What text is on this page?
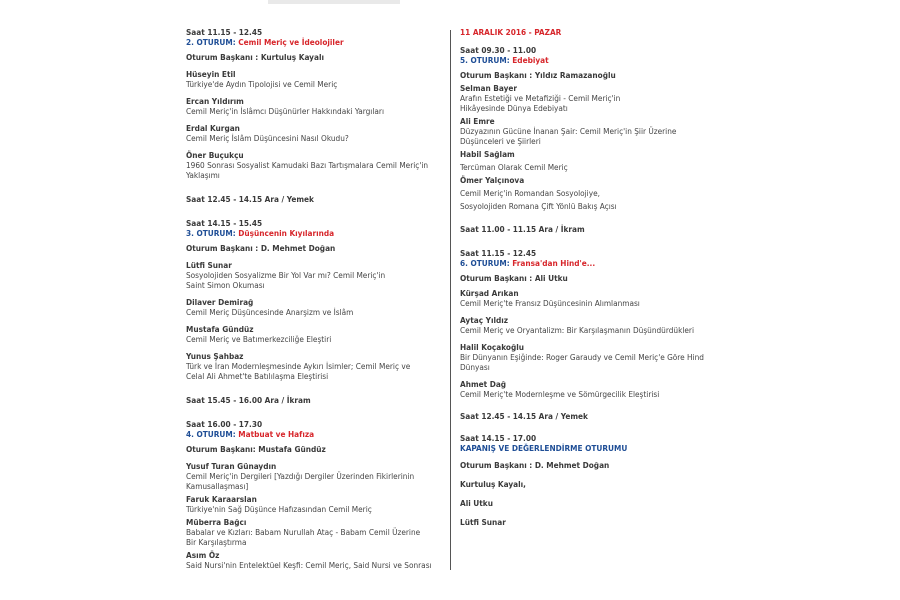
Saat 11.15 - 12.45
2. OTURUM: Cemil Meriç ve İdeolojiler
Oturum Başkanı : Kurtuluş Kayalı
Hüseyin Etil
Türkiye'de Aydın Tipolojisi ve Cemil Meriç
Ercan Yıldırım
Cemil Meriç'in İslâmcı Düşünürler Hakkındaki Yargıları
Erdal Kurgan
Cemil Meriç İslâm Düşüncesini Nasıl Okudu?
Öner Buçukçu
1960 Sonrası Sosyalist Kamudaki Bazı Tartışmalara Cemil Meriç'in
Yaklaşımı
Saat 12.45 - 14.15 Ara / Yemek
Saat 14.15 - 15.45
3. OTURUM: Düşüncenin Kıyılarında
Oturum Başkanı : D. Mehmet Doğan
Lütfi Sunar
Sosyolojiden Sosyalizme Bir Yol Var mı? Cemil Meriç'in
Saint Simon Okuması
Dilaver Demirağ
Cemil Meriç Düşüncesinde Anarşizm ve İslâm
Mustafa Gündüz
Cemil Meriç ve Batımerkezciliğe Eleştiri
Yunus Şahbaz
Türk ve İran Modernleşmesinde Aykırı İsimler; Cemil Meriç ve
Celal Ali Ahmet'te Batılılaşma Eleştirisi
Saat 15.45 - 16.00 Ara / İkram
Saat 16.00 - 17.30
4. OTURUM: Matbuat ve Hafıza
Oturum Başkanı: Mustafa Gündüz
Yusuf Turan Günaydın
Cemil Meriç'in Dergileri [Yazdığı Dergiler Üzerinden Fikirlerinin
Kamusallaşması]
Faruk Karaarslan
Türkiye'nin Sağ Düşünce Hafızasından Cemil Meriç
Müberra Bağcı
Babalar ve Kızları: Babam Nurullah Ataç - Babam Cemil Üzerine
Bir Karşılaştırma
Asım Öz
Said Nursi'nin Entelektüel Keşfi: Cemil Meriç, Said Nursi ve Sonrası
11 ARALIK 2016 - PAZAR
Saat 09.30 - 11.00
5. OTURUM: Edebiyat
Oturum Başkanı : Yıldız Ramazanoğlu
Selman Bayer
Arafın Estetiği ve Metafiziği - Cemil Meriç'in
Hikâyesinde Dünya Edebiyatı
Ali Emre
Düzyazının Gücüne İnanan Şair: Cemil Meriç'in Şiir Üzerine
Düşünceleri ve Şiirleri
Habil Sağlam
Tercüman Olarak Cemil Meriç
Ömer Yalçınova
Cemil Meriç'in Romandan Sosyolojiye,
Sosyolojiden Romana Çift Yönlü Bakış Açısı
Saat 11.00 - 11.15 Ara / İkram
Saat 11.15 - 12.45
6. OTURUM: Fransa'dan Hind'e...
Oturum Başkanı : Ali Utku
Kürşad Arıkan
Cemil Meriç'te Fransız Düşüncesinin Alımlanması
Aytaç Yıldız
Cemil Meriç ve Oryantalizm: Bir Karşılaşmanın Düşündürdükleri
Halil Koçakoğlu
Bir Dünyanın Eşiğinde: Roger Garaudy ve Cemil Meriç'e Göre Hind
Dünyası
Ahmet Dağ
Cemil Meriç'te Modernleşme ve Sömürgecilik Eleştirisi
Saat 12.45 - 14.15 Ara / Yemek
Saat 14.15 - 17.00
KAPANIŞ VE DEĞERLENDİRME OTURUMU
Oturum Başkanı : D. Mehmet Doğan
Kurtuluş Kayalı,
Ali Utku
Lütfi Sunar
